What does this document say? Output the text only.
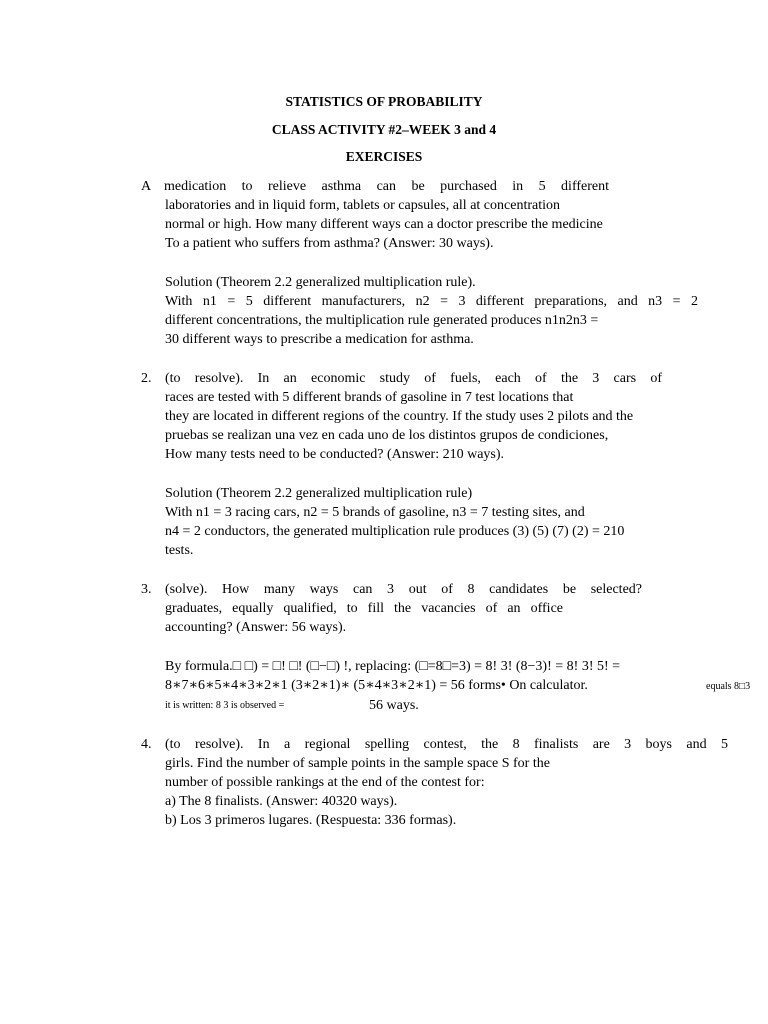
STATISTICS OF PROBABILITY
CLASS ACTIVITY #2–WEEK 3 and 4
EXERCISES
A medication to relieve asthma can be purchased in 5 different
laboratories and in liquid form, tablets or capsules, all at concentration
normal or high. How many different ways can a doctor prescribe the medicine
To a patient who suffers from asthma? (Answer: 30 ways).
Solution (Theorem 2.2 generalized multiplication rule).
With n1 = 5 different manufacturers, n2 = 3 different preparations, and n3 = 2
different concentrations, the multiplication rule generated produces n1n2n3 =
30 different ways to prescribe a medication for asthma.
2. (to resolve). In an economic study of fuels, each of the 3 cars of
races are tested with 5 different brands of gasoline in 7 test locations that
they are located in different regions of the country. If the study uses 2 pilots and the
pruebas se realizan una vez en cada uno de los distintos grupos de condiciones,
How many tests need to be conducted? (Answer: 210 ways).
Solution (Theorem 2.2 generalized multiplication rule)
With n1 = 3 racing cars, n2 = 5 brands of gasoline, n3 = 7 testing sites, and
n4 = 2 conductors, the generated multiplication rule produces (3) (5) (7) (2) = 210
tests.
3. (solve). How many ways can 3 out of 8 candidates be selected?
graduates, equally qualified, to fill the vacancies of an office
accounting? (Answer: 56 ways).
By formula.□ □) = □! □! (□−□) !, replacing: (□=8□=3) = 8! 3! (8−3)! = 8! 3! 5! =
8∗7∗6∗5∗4∗3∗2∗1 (3∗2∗1)∗ (5∗4∗3∗2∗1) = 56 forms• On calculator.	equals 8□3
it is written: 8 3 is observed =	56 ways.
4. (to resolve). In a regional spelling contest, the 8 finalists are 3 boys and 5
girls. Find the number of sample points in the sample space S for the
number of possible rankings at the end of the contest for:
a) The 8 finalists. (Answer: 40320 ways).
b) Los 3 primeros lugares. (Respuesta: 336 formas).
